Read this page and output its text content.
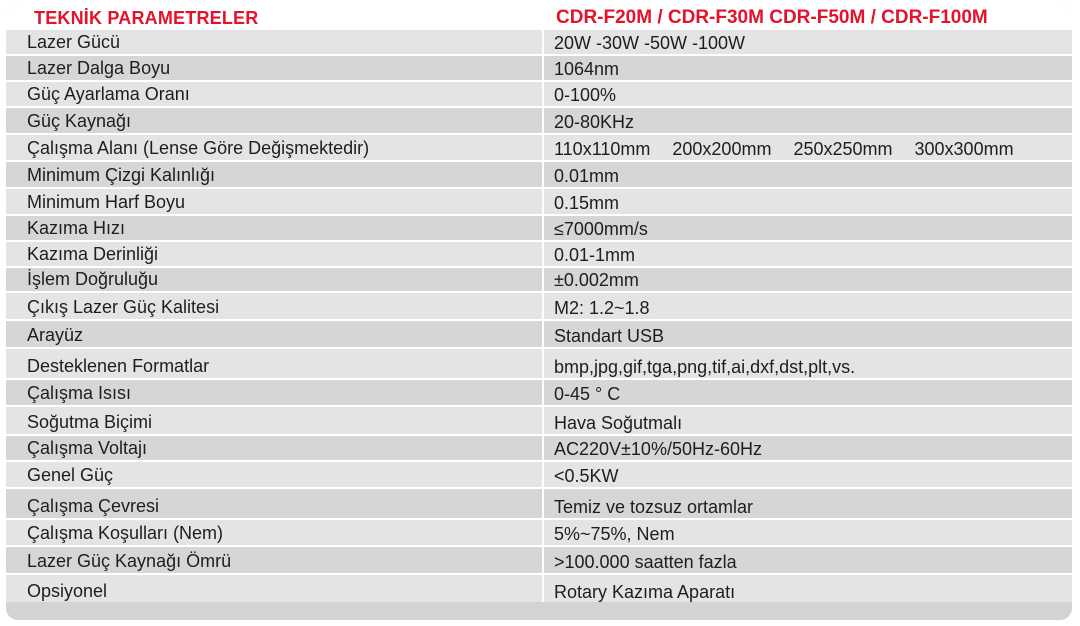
TEKNİK PARAMETRELER	CDR-F20M / CDR-F30M CDR-F50M / CDR-F100M
Lazer Gücü	20W -30W -50W -100W
Lazer Dalga Boyu	1064nm
Güç Ayarlama Oranı	0-100%
Güç Kaynağı	20-80KHz
Çalışma Alanı (Lense Göre Değişmektedir)	110x110mm 200x200mm 250x250mm 300x300mm
Minimum Çizgi Kalınlığı	0.01mm
Minimum Harf Boyu	0.15mm
Kazıma Hızı	≤7000mm/s
Kazıma Derinliği	0.01-1mm
İşlem Doğruluğu	±0.002mm
Çıkış Lazer Güç Kalitesi	M2: 1.2~1.8
Arayüz	Standart USB
Desteklenen Formatlar	bmp,jpg,gif,tga,png,tif,ai,dxf,dst,plt,vs.
Çalışma Isısı	0-45 ° C
Soğutma Biçimi	Hava Soğutmalı
Çalışma Voltajı	AC220V±10%/50Hz-60Hz
Genel Güç	<0.5KW
Çalışma Çevresi	Temiz ve tozsuz ortamlar
Çalışma Koşulları (Nem)	5%~75%, Nem
Lazer Güç Kaynağı Ömrü	>100.000 saatten fazla
Opsiyonel	Rotary Kazıma Aparatı
